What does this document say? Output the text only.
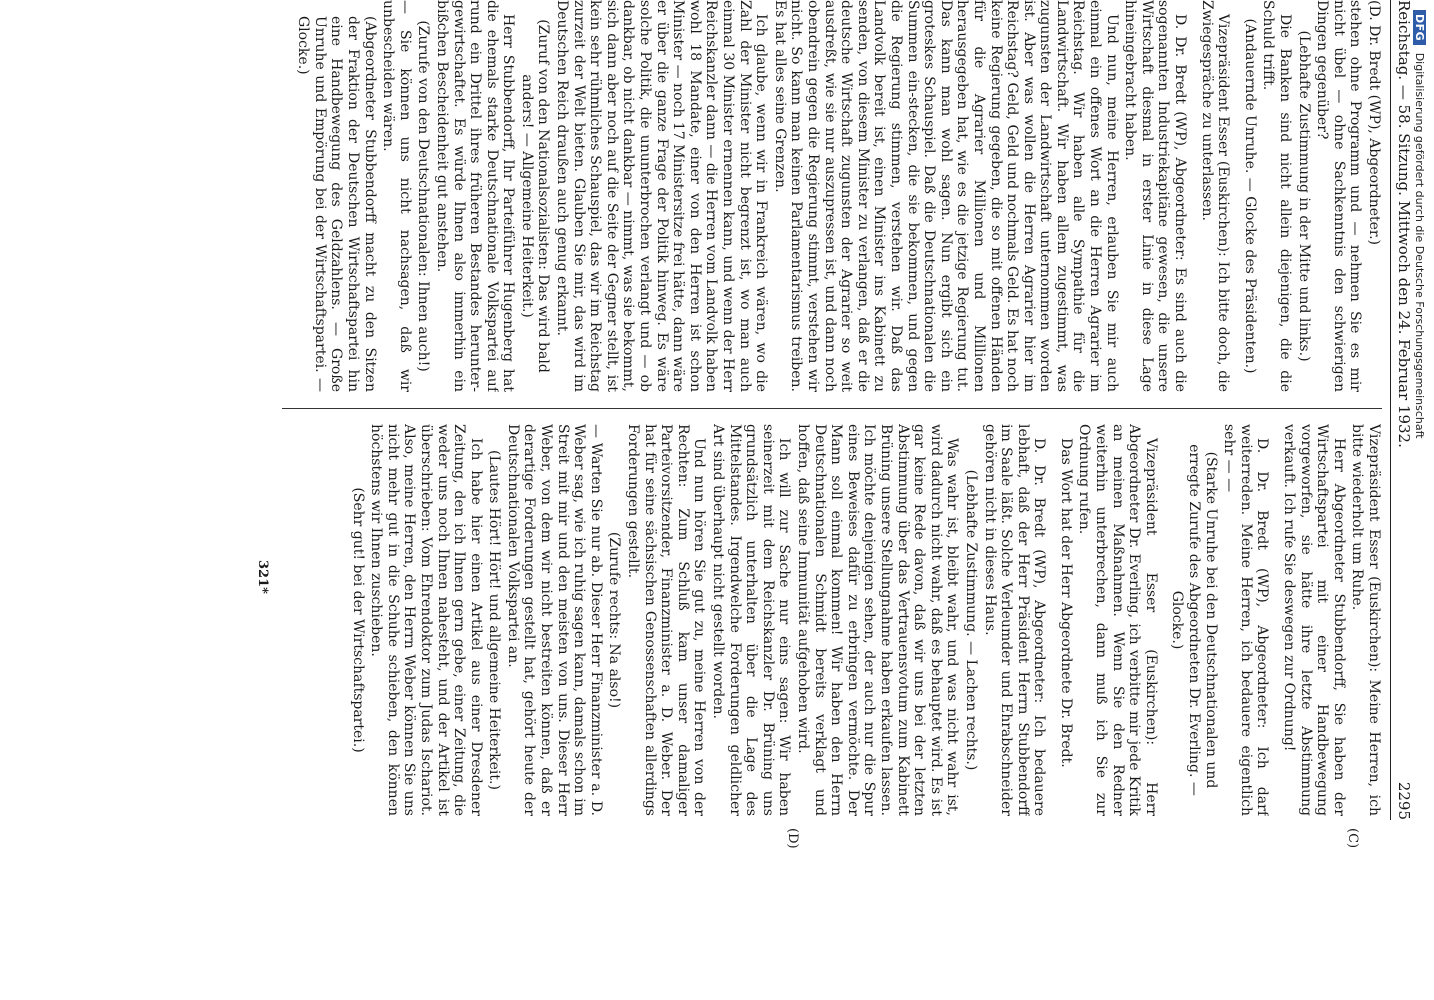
Reichstag. — 58. Sitzung. Mittwoch den 24. Februar 1932.
2295
(C)
(D)

(D. Dr. Bredt (WP), Abgeordneter.)

stehen ohne Programm und — nehmen Sie es mir nicht übel — ohne Sachkenntnis den schwierigen Dingen gegenüber?

(Lebhafte Zustimmung in der Mitte und links.)

Die Banken sind nicht allein diejenigen, die die Schuld trifft.

(Andauernde Unruhe. — Glocke des Präsidenten.)

Vizepräsident Esser (Euskirchen): Ich bitte doch, die Zwiegespräche zu unterlassen.

D. Dr. Bredt (WP), Abgeordneter: Es sind auch die sogenannten Industriekapitäne gewesen, die unsere Wirtschaft diesmal in erster Linie in diese Lage hineingebracht haben.

Und nun, meine Herren, erlauben Sie mir auch einmal ein offenes Wort an die Herren Agrarier im Reichstag. Wir haben alle Sympathie für die Landwirtschaft. Wir haben allem zugestimmt, was zugunsten der Landwirtschaft unternommen worden ist. Aber was wollen die Herren Agrarier hier im Reichstag? Geld, Geld und nochmals Geld. Es hat noch keine Regierung gegeben, die so mit offenen Händen für die Agrarier Millionen und Millionen herausgegeben hat, wie es die jetzige Regierung tut. Das kann man wohl sagen. Nun ergibt sich ein groteskes Schauspiel. Daß die Deutschnationalen die Summen ein-stecken, die sie bekommen, und gegen die Regierung stimmen, verstehen wir. Daß das Landvolk bereit ist, einen Minister ins Kabinett zu senden, von diesem Minister zu verlangen, daß er die deutsche Wirtschaft zugunsten der Agrarier so weit ausdreßt, wie sie nur auszupressen ist, und dann noch obendrein gegen die Regierung stimmt, verstehen wir nicht. So kann man keinen Parlamentarismus treiben. Es hat alles seine Grenzen.

Ich glaube, wenn wir in Frankreich wären, wo die Zahl der Minister nicht begrenzt ist, wo man auch einmal 30 Minister ernennen kann, und wenn der Herr Reichskanzler dann — die Herren vom Landvolk haben wohl 18 Mandate, einer von den Herren ist schon Minister — noch 17 Ministersitze frei hätte, dann wäre er über die ganze Frage der Politik hinweg. Es wäre solche Politik, die ununterbrochen verlangt und — ob dankbar, ob nicht dankbar — nimmt, was sie bekommt, sich dann aber noch auf die Seite der Gegner stellt, ist kein sehr rühmliches Schauspiel, das wir im Reichstag zurzeit der Welt bieten. Glauben Sie mir, das wird im Deutschen Reich draußen auch genug erkannt.

(Zuruf von den Nationalsozialisten: Das wird bald anders! — Allgemeine Heiterkeit.)

Herr Stubbendorff, Ihr Parteiführer Hugenberg hat die ehemals starke Deutschnationale Volkspartei auf rund ein Drittel ihres früheren Bestandes herunter-gewirtschaftet. Es würde Ihnen also immerhin ein bißchen Bescheidenheit gut anstehen.

(Zurufe von den Deutschnationalen: Ihnen auch!)

— Sie können uns nicht nachsagen, daß wir unbescheiden wären.

(Abgeordneter Stubbendorff macht zu den Sitzen der Fraktion der Deutschen Wirtschaftspartei hin eine Handbewegung des Geldzahlens. — Große Unruhe und Empörung bei der Wirtschaftspartei. — Glocke.)

Vizepräsident Esser (Euskirchen): Meine Herren, ich bitte wiederholt um Ruhe.

Herr Abgeordneter Stubbendorff, Sie haben der Wirtschaftspartei mit einer Handbewegung vorgeworfen, sie hätte ihre letzte Abstimmung verkauft. Ich rufe Sie deswegen zur Ordnung!

D. Dr. Bredt (WP), Abgeordneter: Ich darf weiterreden. Meine Herren, ich bedauere eigentlich sehr — —

(Starke Unruhe bei den Deutschnationalen und erregte Zurufe des Abgeordneten Dr. Everling. — Glocke.)

Vizepräsident Esser (Euskirchen): Herr Abgeordneter Dr. Everling, ich verbitte mir jede Kritik an meinen Maßnahmen. Wenn Sie den Redner weiterhin unterbrechen, dann muß ich Sie zur Ordnung rufen.

Das Wort hat der Herr Abgeordnete Dr. Bredt.

D. Dr. Bredt (WP), Abgeordneter: Ich bedauere lebhaft, daß der Herr Präsident Herrn Stubbendorff im Saale läßt. Solche Verleumder und Ehrabschneider gehören nicht in dieses Haus.

(Lebhafte Zustimmung. — Lachen rechts.)

Was wahr ist, bleibt wahr, und was nicht wahr ist, wird dadurch nicht wahr, daß es behauptet wird. Es ist gar keine Rede davon, daß wir uns bei der letzten Abstimmung über das Vertrauensvotum zum Kabinett Brüning unsere Stellungnahme haben erkaufen lassen. Ich möchte denjenigen sehen, der auch nur die Spur eines Beweises dafür zu erbringen vermöchte. Der Mann soll einmal kommen! Wir haben den Herrn Deutschnationalen Schmidt bereits verklagt und hoffen, daß seine Immunität aufgehoben wird.

Ich will zur Sache nur eins sagen: Wir haben seinerzeit mit dem Reichskanzler Dr. Brüning uns grundsätzlich unterhalten über die Lage des Mittelstandes. Irgendwelche Forderungen geldlicher Art sind überhaupt nicht gestellt worden.

Und nun hören Sie gut zu, meine Herren von der Rechten: Zum Schluß kam unser damaliger Parteivorsitzender, Finanzminister a. D. Weber. Der hat für seine sächsischen Genossenschaften allerdings Forderungen gestellt.

(Zurufe rechts: Na also!)

— Warten Sie nur ab. Dieser Herr Finanzminister a. D. Weber sag, wie ich ruhig sagen kann, damals schon im Streit mit mir und den meisten von uns. Dieser Herr Weber, von dem wir nicht bestreiten können, daß er derartige Forderungen gestellt hat, gehört heute der Deutschnationalen Volkspartei an.

(Lautes Hört! Hört! und allgemeine Heiterkeit.)

Ich habe hier einen Artikel aus einer Dresdener Zeitung, den ich Ihnen gern gebe, einer Zeitung, die weder uns noch Ihnen nahesteht, und der Artikel ist überschrieben: Vom Ehrendoktor zum Judas Ischariot. Also, meine Herren, den Herrn Weber können Sie uns nicht mehr gut in die Schuhe schieben, den können höchstens wir Ihnen zuschieben.

(Sehr gut! bei der Wirtschaftspartei.)

321*
DFG Digitalisierung gefördert durch die Deutsche Forschungsgemeinschaft
